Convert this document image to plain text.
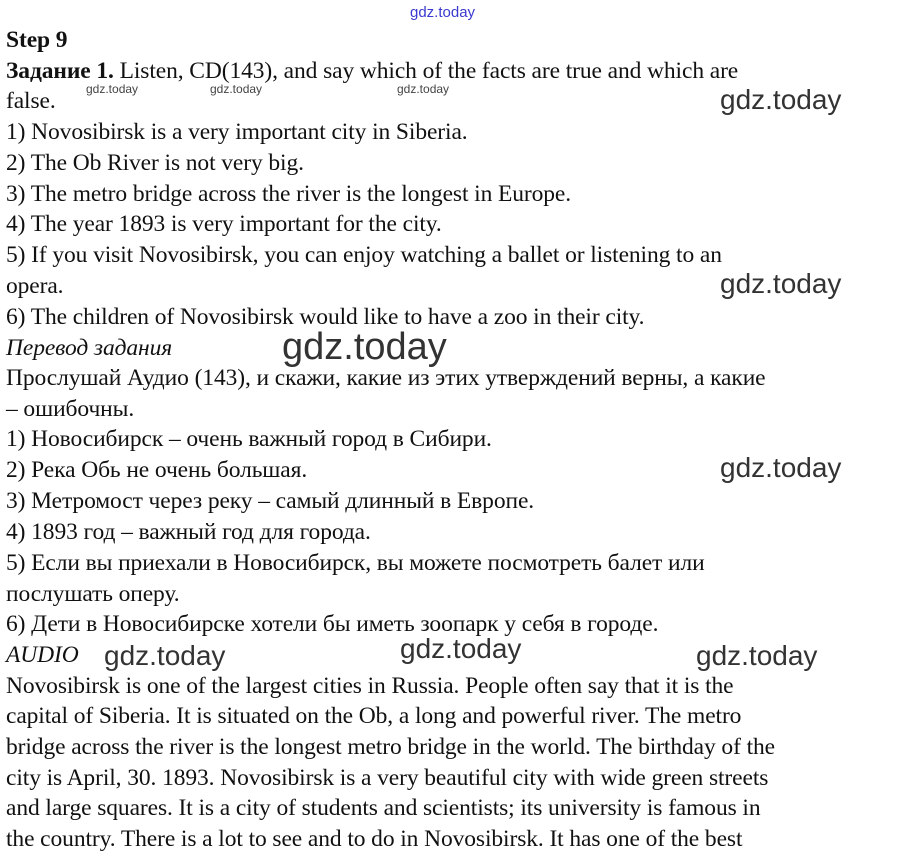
gdz.today
gdz.today	gdz.today	gdz.today	gdz.today
gdz.today
gdz.today
gdz.today
gdz.today	gdz.today	gdz.today
Step 9
Задание 1. Listen, CD(143), and say which of the facts are true and which are
false.
1) Novosibirsk is a very important city in Siberia.
2) The Ob River is not very big.
3) The metro bridge across the river is the longest in Europe.
4) The year 1893 is very important for the city.
5) If you visit Novosibirsk, you can enjoy watching a ballet or listening to an
opera.
6) The children of Novosibirsk would like to have a zoo in their city.
Перевод задания
Прослушай Аудио (143), и скажи, какие из этих утверждений верны, а какие
– ошибочны.
1) Новосибирск – очень важный город в Сибири.
2) Река Обь не очень большая.
3) Метромост через реку – самый длинный в Европе.
4) 1893 год – важный год для города.
5) Если вы приехали в Новосибирск, вы можете посмотреть балет или
послушать оперу.
6) Дети в Новосибирске хотели бы иметь зоопарк у себя в городе.
AUDIO
Novosibirsk is one of the largest cities in Russia. People often say that it is the
capital of Siberia. It is situated on the Ob, a long and powerful river. The metro
bridge across the river is the longest metro bridge in the world. The birthday of the
city is April, 30. 1893. Novosibirsk is a very beautiful city with wide green streets
and large squares. It is a city of students and scientists; its university is famous in
the country. There is a lot to see and to do in Novosibirsk. It has one of the best
